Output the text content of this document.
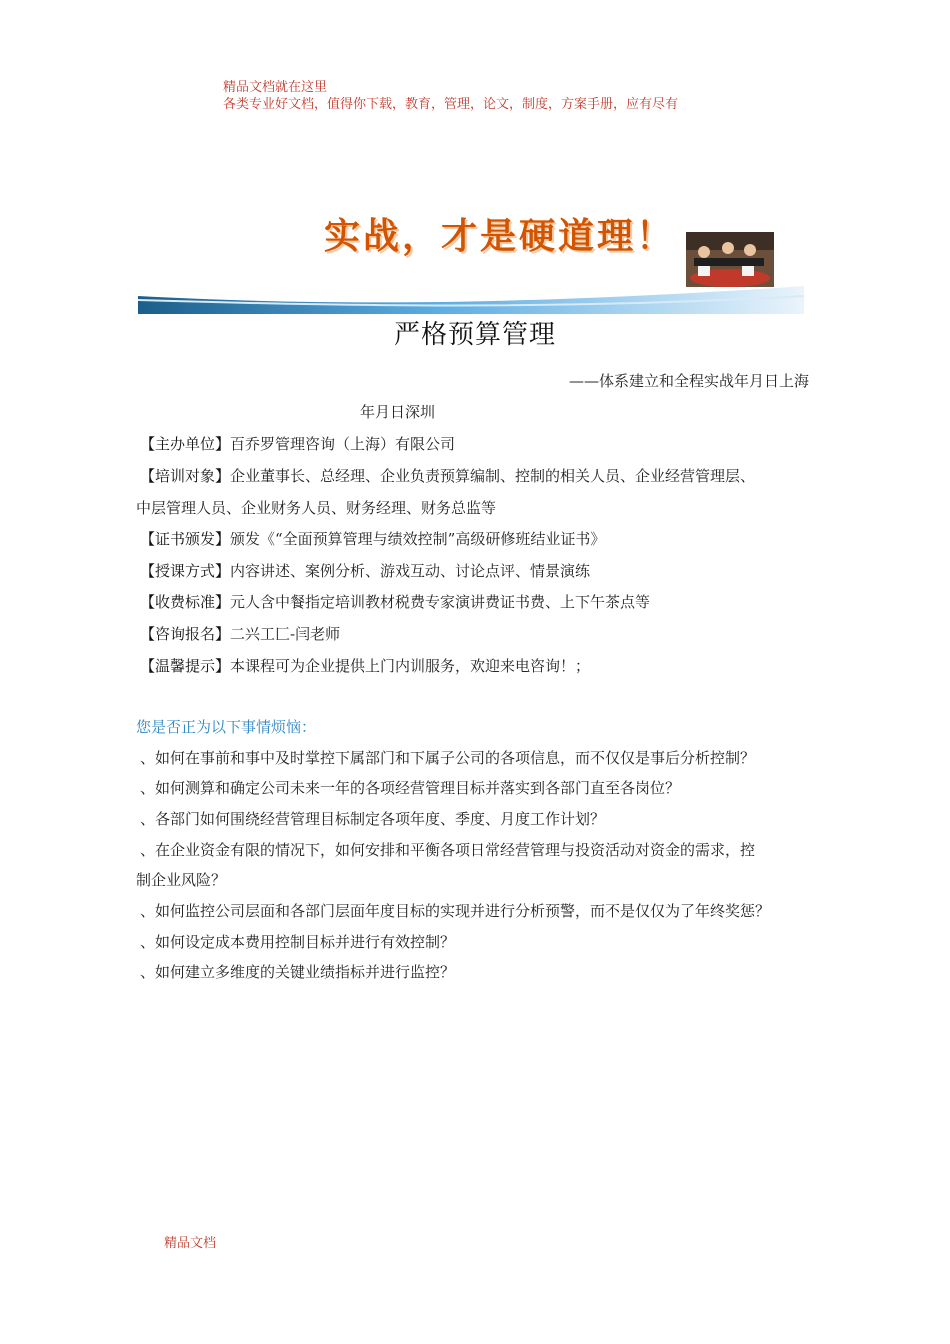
精品文档就在这里
各类专业好文档，值得你下载，教育，管理，论文，制度，方案手册，应有尽有
实战，才是硬道理！
严格预算管理
——体系建立和全程实战年月日上海
年月日深圳
【主办单位】百乔罗管理咨询（上海）有限公司
【培训对象】企业董事长、总经理、企业负责预算编制、控制的相关人员、企业经营管理层、
中层管理人员、企业财务人员、财务经理、财务总监等
【证书颁发】颁发《“全面预算管理与绩效控制”高级研修班结业证书》
【授课方式】内容讲述、案例分析、游戏互动、讨论点评、情景演练
【收费标准】元人含中餐指定培训教材税费专家演讲费证书费、上下午茶点等
【咨询报名】二兴工匚-闫老师
【温馨提示】本课程可为企业提供上门内训服务，欢迎来电咨询！；
您是否正为以下事情烦恼：
、如何在事前和事中及时掌控下属部门和下属子公司的各项信息，而不仅仅是事后分析控制？
、如何测算和确定公司未来一年的各项经营管理目标并落实到各部门直至各岗位？
、各部门如何围绕经营管理目标制定各项年度、季度、月度工作计划？
、在企业资金有限的情况下，如何安排和平衡各项日常经营管理与投资活动对资金的需求，控
制企业风险？
、如何监控公司层面和各部门层面年度目标的实现并进行分析预警，而不是仅仅为了年终奖惩？
、如何设定成本费用控制目标并进行有效控制？
、如何建立多维度的关键业绩指标并进行监控？
精品文档
